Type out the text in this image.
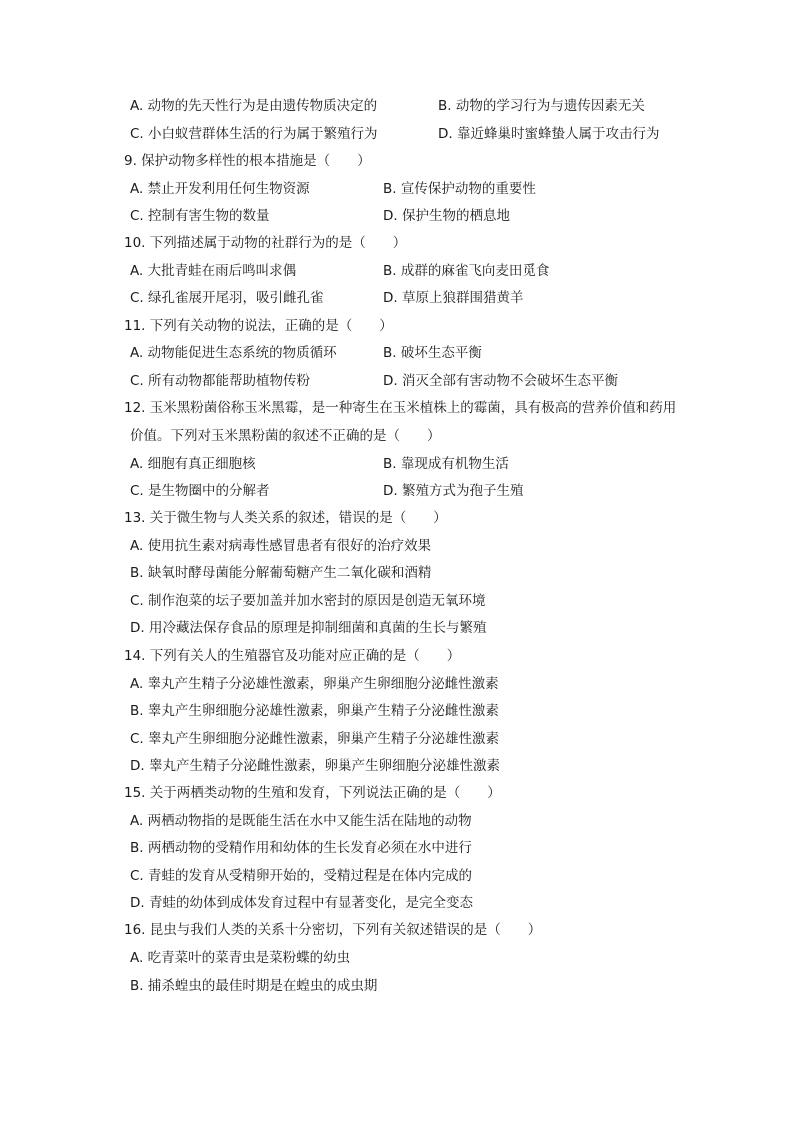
A. 动物的先天性行为是由遗传物质决定的	B. 动物的学习行为与遗传因素无关
C. 小白蚁营群体生活的行为属于繁殖行为	D. 靠近蜂巢时蜜蜂蛰人属于攻击行为
9. 保护动物多样性的根本措施是（　　）
A. 禁止开发利用任何生物资源	B. 宣传保护动物的重要性
C. 控制有害生物的数量	D. 保护生物的栖息地
10. 下列描述属于动物的社群行为的是（　　）
A. 大批青蛙在雨后鸣叫求偶	B. 成群的麻雀飞向麦田觅食
C. 绿孔雀展开尾羽，吸引雌孔雀	D. 草原上狼群围猎黄羊
11. 下列有关动物的说法，正确的是（　　）
A. 动物能促进生态系统的物质循环	B. 破坏生态平衡
C. 所有动物都能帮助植物传粉	D. 消灭全部有害动物不会破坏生态平衡
12. 玉米黑粉菌俗称玉米黑霉，是一种寄生在玉米植株上的霉菌，具有极高的营养价值和药用
价值。下列对玉米黑粉菌的叙述不正确的是（　　）
A. 细胞有真正细胞核	B. 靠现成有机物生活
C. 是生物圈中的分解者	D. 繁殖方式为孢子生殖
13. 关于微生物与人类关系的叙述，错误的是（　　）
A. 使用抗生素对病毒性感冒患者有很好的治疗效果
B. 缺氧时酵母菌能分解葡萄糖产生二氧化碳和酒精
C. 制作泡菜的坛子要加盖并加水密封的原因是创造无氧环境
D. 用冷藏法保存食品的原理是抑制细菌和真菌的生长与繁殖
14. 下列有关人的生殖器官及功能对应正确的是（　　）
A. 睾丸产生精子分泌雄性激素，卵巢产生卵细胞分泌雌性激素
B. 睾丸产生卵细胞分泌雄性激素，卵巢产生精子分泌雌性激素
C. 睾丸产生卵细胞分泌雌性激素，卵巢产生精子分泌雄性激素
D. 睾丸产生精子分泌雌性激素，卵巢产生卵细胞分泌雄性激素
15. 关于两栖类动物的生殖和发育，下列说法正确的是（　　）
A. 两栖动物指的是既能生活在水中又能生活在陆地的动物
B. 两栖动物的受精作用和幼体的生长发育必须在水中进行
C. 青蛙的发育从受精卵开始的，受精过程是在体内完成的
D. 青蛙的幼体到成体发育过程中有显著变化，是完全变态
16. 昆虫与我们人类的关系十分密切，下列有关叙述错误的是（　　）
A. 吃青菜叶的菜青虫是菜粉蝶的幼虫
B. 捕杀蝗虫的最佳时期是在蝗虫的成虫期
